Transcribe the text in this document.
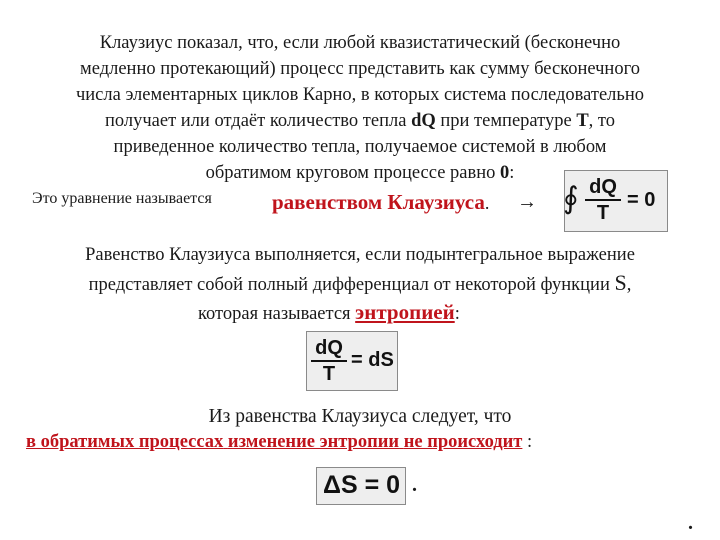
Клаузиус показал, что, если любой квазистатический (бесконечно
медленно протекающий) процесс представить как сумму бесконечного
числа элементарных циклов Карно, в которых система последовательно
получает или отдаёт количество тепла dQ при температуре T, то
приведенное количество тепла, получаемое системой в любом
обратимом круговом процессе равно 0:
Это уравнение называется	равенством Клаузиуса. → ∮ dQ
T
= 0
Равенство Клаузиуса выполняется, если подынтегральное выражение
представляет собой полный дифференциал от некоторой функции S,
которая называется энтропией:
dQ
T
= dS
Из равенства Клаузиуса следует, что
в обратимых процессах изменение энтропии не происходит :
ΔS = 0 .
.
